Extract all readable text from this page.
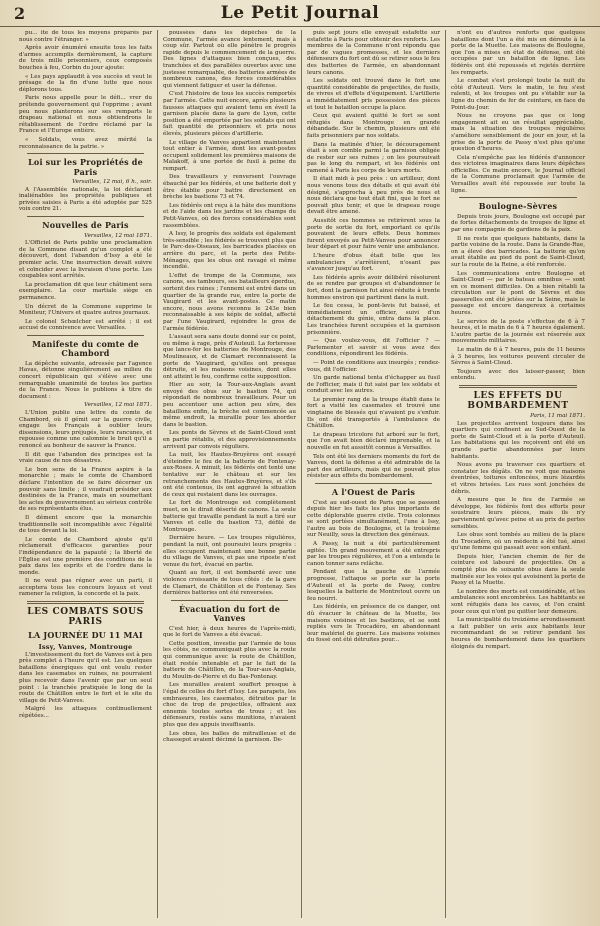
2	Le Petit Journal

pu... ite de tous les moyens préparés par nous contre l'étranger. »

Après avoir énuméré ensuite tous les faits d'armes accomplis dernièrement, la capture de trois mille prisonniers, ceux composés bouches à feu, Corbin du jour ajoute:

« Les pays applaudit à vos succès et veut le présage de la fin d'une lutte que nous déplorons tous.

Paris nous appelle pour le défi... vrer du prétendu gouvernement qui l'opprime ; avant peu nous planterons sur ses remparts le drapeau national et nous obtiendrons le rétablissement de l'ordre réclamé par la France et l'Europe entière.

« Soldats, vous avez mérité la reconnaissance de la patrie. »

Loi sur les Propriétés de Paris
Versailles, 12 mai, 6 h., soir.

A l'Assemblée nationale, la loi déclarant inaliénables les propriétés publiques et privées saisies à Paris a été adoptée par 525 voix contre 21.

Nouvelles de Paris
Versailles, 12 mai 1871.

L'Officiel de Paris publie une proclamation de la Commune disant qu'un complot a été découvert, dont l'abandon d'Issy a été le premier acte. Une insurrection devait suivre et coïncider avec la livraison d'une porte. Les coupables sont arrêtés.

La proclamation dit que leur châtiment sera exemplaire. La cour martiale siège en permanence.

Un décret de la Commune supprime le Moniteur, l'Univers et quatre autres journaux.

Le colonel Schœlcher est arrêté ; il est accusé de connivence avec Versailles.

Manifeste du comte de Chambord

La dépêche suivante, adressée par l'agence Havas, détonne singulièrement au milieu du concert républicain qui s'élève avec une remarquable unanimité de toutes les parties de la France. Nous le publions à titre de document :

Versailles, 12 mai 1871.

L'Union publie une lettre du comte de Chambord, où il gémit sur la guerre civile, engage les Français à oublier leurs dissensions, leurs préjugés, leurs rancunes, et repousse comme une calomnie le bruit qu'il a renoncé au bonheur de sauver la France.

Il dit que l'abandon des principes est la vraie cause de nos désastres.

Le bon sens de la France aspire à la monarchie ; mais le comte de Chambord déclare l'intention de se faire décerner un pouvoir sans limite ; il voudrait présider aux destinées de la France, mais en soumettant les actes du gouvernement au sérieux contrôle de ses représentants élus.

Il dément encore que la monarchie traditionnelle soit incompatible avec l'égalité de tous devant la loi.

Le comte de Chambord ajoute qu'il réclamerait d'efficaces garanties pour l'indépendance de la papauté ; la liberté de l'Église est une première des conditions de la paix dans les esprits et de l'ordre dans le monde.

Il ne veut pas régner avec un parti, il acceptera tous les concours loyaux et veut ramener la religion, la concorde et la paix.

LES COMBATS SOUS PARIS
LA JOURNÉE DU 11 MAI
Issy, Vanves, Montrouge

L'investissement du fort de Vanves est à peu près complet à l'heure qu'il est. Les quelques bataillons énergiques qui ont voulu rester dans les casemates en ruines, ne pourraient plus recevoir dans l'avenir que par un seul point : la tranchée pratiquée le long de la route de Châtillon entre le fort et le site du village de Petit-Vanves.

Malgré les attaques continuellement répétées...

poussées dans les dépêches de la Commune, l'armée avance lentement, mais à coup sûr. Partout où elle pénètre le progrès rapide depuis le commencement de la guerre. Des lignes d'attaques bien conçues, des tranchées et des parallèles ouvertes avec une justesse remarquable, des batteries armées de nombreux canons, des forces considérables qui viennent fatiguer et user la défense.

C'est l'histoire de tous les succès remportés par l'armée. Cette nuit encore, après plusieurs fausses attaques qui avaient tenu en éveil la garnison placée dans la gare de Lyon, cette position a été emportée par les soldats qui ont fait quantité de prisonniers et pris nous élevés, plusieurs pièces d'artillerie.

Le village de Vanves appartient maintenant tout entier à l'armée, dont les avant-postes occupent solidement les premières maisons de Malakoff, à une portée de fusil à peine du rempart.

Des travailleurs y renversent l'ouvrage ébauché par les fédérés, et une batterie doit y être établie pour battre directement en brèche les bastions 73 et 74.

Les fédérés ont reçu à la hâte des munitions et de l'aide dans les jardins et les champs du Petit-Vanves, où des forces considérables sont rassemblées.

A Issy, le progrès des soldats est également très-sensible ; les fédérés se trouvent plus que le Parc-des-Oiseaux, les barricades placées en arrière du parc, et la perte des Petits-Ménages, que les obus ont ravagé et même incendié.

L'effet de trompe de la Commune, ses canons, ses tambours, ses batailleurs éperdus, sortent des ruines ; l'ennemi est entré dans un quartier de la grande rue, entre la porte de Vaugirard et les avant-postes. Ce matin encore, nous avons reconnu le 243e bien reconnaissable à ses képis de soldat, affecté par l'une Vaugirard, rejoindre le gros de l'armée fédérée.

L'assaut sera sans doute donné sur ce point, ou même à rage, près d'Auteuil. La forteresse que lance-fer les batteries de Montrouge, des Moulineaux, et de Clamart reconnaissent la porte de Vaugirard, qu'elles ont presque détruite, et les maisons voisines, dont elles ont atteint le feu, confirme cette supposition.

Hier au soir, la Tour-aux-Anglais avant envoyé des obus sur le bastion 74, qui répondait de nombreux travailleurs. Pour un peu accentuer une action peu sûre, des bataillons enfin, la brèche est commencée au même endroit, la muraille pour les aborder dans le bastion.

Les ponts de Sèvres et de Saint-Cloud sont en partie rétablis, et des approvisionnements arrivent par convois réguliers.

La nuit, les Hautes-Bruyères ont essayé d'éteindre le feu de la batterie de Fontenay-aux-Roses. A minuit, les fédérés ont tenté une tentative sur le château et sur les retranchements des Hautes-Bruyères, et s'ils ont été contenus, ils ont aggravé la situation de ceux qui restaient dans les ouvrages.

Le fort de Montrouge est complètement muet, on le dirait déserté de canons. La seule batterie qui travaille pendant la nuit a tiré sur Vanves et celle du bastion 73, défilé de Montrouge.

Dernière heure. — Les troupes régulières, pendant la nuit, ont poursuivi leurs progrès : elles occupent maintenant une bonne partie du village de Vanves, et pas une riposte n'est venue du fort, évacué en partie.

Quant au fort, il est bombardé avec une violence croissante de tous côtés : de la gare de Clamart, de Châtillon et de Fontenay. Ses dernières batteries ont été renversées.

Évacuation du fort de Vanves

C'est hier, à deux heures de l'après-midi, que le fort de Vanves a été évacué.

Cette position, investie par l'armée de tous les côtés, ne communiquait plus avec la route qui communique avec la route de Châtillon, était restée intenable et par le fait de la batterie de Châtillon, de la Tour-aux-Anglais, du Moulin-de-Pierre et du Bas-Fontenay.

Les murailles avaient souffert presque à l'égal de celles du fort d'Issy. Les parapets, les embrasures, les casemates, détruites par le choc de trop de projectiles, offraient aux ennemis toutes sortes de trous ; et les défenseurs, restés sans munitions, n'avaient plus que des appuis insuffisants.

Les obus, les balles de mitrailleuse et de chassepot avaient décimé la garnison. De-

puis sept jours elle envoyait estafette sur estafette à Paris pour obtenir des renforts. Les membres de la Commune n'ont répondu que par de vagues promesses, et les derniers défenseurs du fort ont dû se retirer sous le feu des batteries de l'armée, en abandonnant leurs canons.

Les soldats ont trouvé dans le fort une quantité considérable de projectiles, de fusils, de vivres et d'effets d'équipement. L'artillerie a immédiatement pris possession des pièces et tout le bataillon occupe la place.

Ceux qui avaient quitté le fort se sont réfugiés dans Montrouge en grande débandade. Sur le chemin, plusieurs ont été faits prisonniers par nos soldats.

Dans la matinée d'hier, le découragement était à son comble parmi la garnison obligée de rester sur ses ruines ; on les poursuivait pas le long du rempart, et les fédérés ont ramené à Paris les corps de leurs morts.

Il était midi à peu près : un artilleur, dont nous venons tous des détails et qui avait été désigné, s'approcha à peu près de nous et nous déclara que tout était fini, que le fort ne pouvait plus tenir, et que le drapeau rouge devait être amené.

Aussitôt ces hommes se retirèrent sous la porte de sortie du fort, emportant ce qu'ils pouvaient de leurs effets. Deux hommes furent envoyés au Petit-Vanves pour annoncer leur départ et pour faire venir une ambulance.

L'heure d'obus était telle que les ambulanciers s'arrêtèrent, n'osant pas s'avancer jusqu'au fort.

Les fédérés après avoir délibéré résolurent de se rendre par groupes et d'abandonner le fort, dont la garnison fut ainsi réduite à trente hommes environ qui partirent dans la nuit.

Le feu cessa, le pont-levis fut baissé, et immédiatement un officier, suivi d'un détachement du génie, entra dans la place. Les tranchées furent occupées et la garnison prisonnière.

— Que voulez-vous, dit l'officier ? — Parlementer et savoir si vous avez des conditions, répondirent les fédérés.

— Point de conditions aux insurgés ; rendez-vous, dit l'officier.

Un garde national tenta d'échapper au fusil de l'officier, mais il fut saisi par les soldats et conduit avec les autres.

Le premier rang de la troupe établi dans le fort a visité les casemates et trouvé une vingtaine de blessés qui n'avaient pu s'enfuir. Ils ont été transportés à l'ambulance de Châtillon.

Le drapeau tricolore fut arboré sur le fort, que l'on avait bien déclaré imprenable, et la nouvelle en fut aussitôt connue à Versailles.

Tels ont été les derniers moments du fort de Vanves, dont la défense a été admirable de la part des artilleurs, mais qui ne pouvait plus résister aux effets du bombardement.

A l'Ouest de Paris

C'est au sud-ouest de Paris que se passent depuis hier les faits les plus importants de cette déplorable guerre civile. Trois colonnes se sont portées simultanément, l'une à Issy, l'autre au bois de Boulogne, et la troisième sur Neuilly, sous la direction des généraux.

A Passy, la nuit a été particulièrement agitée. Un grand mouvement a été entrepris par les troupes régulières, et l'on a entendu le canon tonner sans relâche.

Pendant que la gauche de l'armée progresse, l'attaque se porte sur la porte d'Auteuil et la porte de Passy, contre lesquelles la batterie de Montretout ouvre un feu nourri.

Les fédérés, en présence de ce danger, ont dû évacuer le château de la Muette, les maisons voisines et les bastions, et se sont repliés vers le Trocadéro, en abandonnant leur matériel de guerre. Les maisons voisines du fossé ont été détruites pour...

n'ont eu d'autres renforts que quelques bataillons dont l'un a été mis en déroute à la porte de la Muette. Les maisons de Boulogne, que l'on a mises en état de défense, ont été occupées par un bataillon de ligne. Les fédérés ont été repoussés et rejetés derrière les remparts.

Le combat s'est prolongé toute la nuit du côté d'Auteuil. Vers le matin, le feu s'est ralenti, et les troupes ont pu s'établir sur la ligne du chemin de fer de ceinture, en face du Point-du-Jour.

Nous ne croyons pas que ce long engagement ait eu un résultat appréciable, mais la situation des troupes régulières s'améliore sensiblement de jour en jour, et la prise de la porte de Passy n'est plus qu'une question d'heures.

Cela n'empêche pas les fédérés d'annoncer des victoires imaginaires dans leurs dépêches officielles. Ce matin encore, le Journal officiel de la Commune proclamait que l'armée de Versailles avait été repoussée sur toute la ligne.

Boulogne-Sèvres

Depuis trois jours, Boulogne est occupé par de fortes détachements de troupes de ligne et par une compagnie de gardiens de la paix.

Il ne reste que quelques habitants, dans la partie voisine de la route. Dans la Grande-Rue, on a élevé des barricades. La batterie qu'on avait établie au pied du pont de Saint-Cloud, sur la route de la Reine, a été renforcée.

Les communications entre Boulogne et Saint-Cloud — par le bateau omnibus — sont en ce moment difficiles. On a bien rétabli la circulation sur le pont de Sèvres et des passerelles ont été jetées sur la Seine, mais le passage est encore dangereux à certaines heures.

Le service de la poste s'effectue de 6 à 7 heures, et le matin de 6 à 7 heures également. L'autre partie de la journée est réservée aux mouvements militaires.

Le matin de 6 à 7 heures, puis de 11 heures à 3 heures, les voitures peuvent circuler de Sèvres à Saint-Cloud.

Toujours avec des laisser-passer, bien entendu.

LES EFFETS DU BOMBARDEMENT
Paris, 11 mai 1871.

Les projectiles arrivent toujours dans les quartiers qui confinent au Sud-Ouest de la porte de Saint-Cloud et à la porte d'Auteuil. Les habitations qui les reçoivent ont été en grande partie abandonnées par leurs habitants.

Nous avons pu traverser ces quartiers et constater les dégâts. On ne voit que maisons éventrées, toitures enfoncées, murs lézardés et vitres brisées. Les rues sont jonchées de débris.

A mesure que le feu de l'armée se développe, les fédérés font des efforts pour soustraire leurs pièces, mais ils n'y parviennent qu'avec peine et au prix de pertes sensibles.

Les obus sont tombés au milieu de la place du Trocadéro, où un médecin a été tué, ainsi qu'une femme qui passait avec son enfant.

Depuis hier, l'ancien chemin de fer de ceinture est labouré de projectiles. On a compté plus de soixante obus dans la seule matinée sur les voies qui avoisinent la porte de Passy et la Muette.

Le nombre des morts est considérable, et les ambulances sont encombrées. Les habitants se sont réfugiés dans les caves, et l'on craint pour ceux qui n'ont pu quitter leur demeure.

La municipalité du treizième arrondissement a fait publier un avis aux habitants leur recommandant de se retirer pendant les heures de bombardement dans les quartiers éloignés du rempart.
